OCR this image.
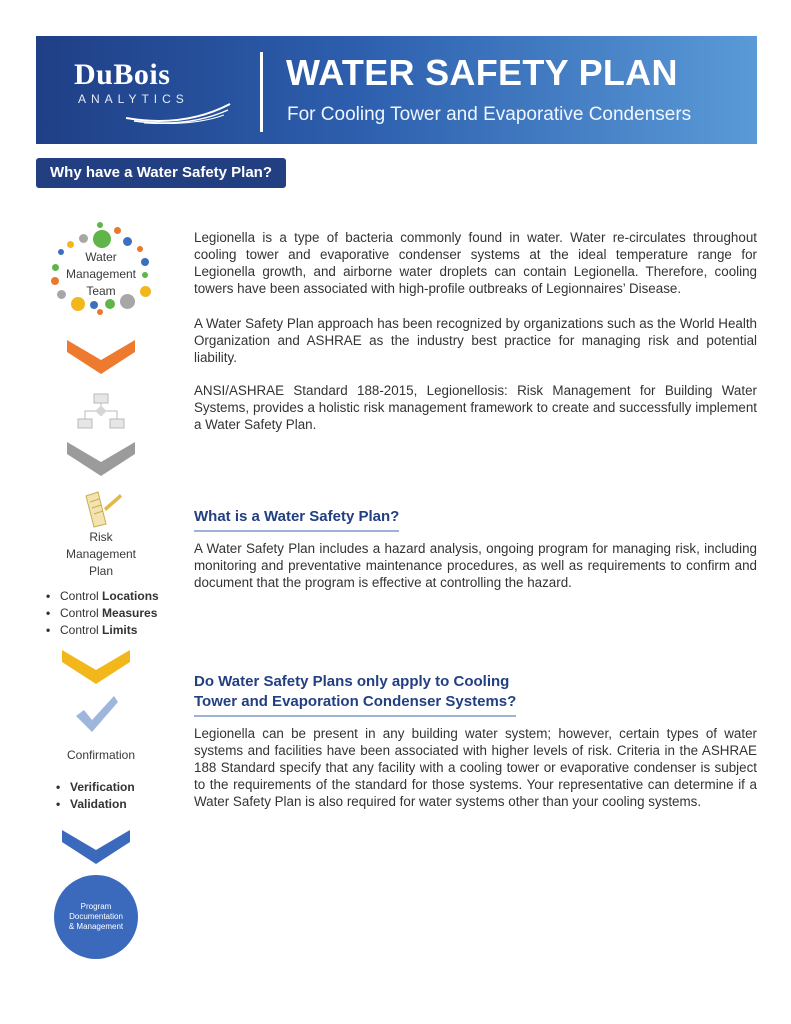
DuBois
ANALYTICS
WATER SAFETY PLAN
For Cooling Tower and Evaporative Condensers
Why have a Water Safety Plan?
Water
Management
Team
Risk
Management
Plan
• Control Locations
• Control Measures
• Control Limits
Confirmation
• Verification
• Validation
Program
Documentation
& Management

Legionella is a type of bacteria commonly found in water. Water re-circulates throughout cooling tower and evaporative condenser systems at the ideal temperature range for Legionella growth, and airborne water droplets can contain Legionella. Therefore, cooling towers have been associated with high-profile outbreaks of Legionnaires’ Disease.

A Water Safety Plan approach has been recognized by organizations such as the World Health Organization and ASHRAE as the industry best practice for managing risk and potential liability.

ANSI/ASHRAE Standard 188-2015, Legionellosis: Risk Management for Building Water Systems, provides a holistic risk management framework to create and successfully implement a Water Safety Plan.

What is a Water Safety Plan?

A Water Safety Plan includes a hazard analysis, ongoing program for managing risk, including monitoring and preventative maintenance procedures, as well as requirements to confirm and document that the program is effective at controlling the hazard.

Do Water Safety Plans only apply to Cooling
Tower and Evaporation Condenser Systems?

Legionella can be present in any building water system; however, certain types of water systems and facilities have been associated with higher levels of risk. Criteria in the ASHRAE 188 Standard specify that any facility with a cooling tower or evaporative condenser is subject to the requirements of the standard for those systems. Your representative can determine if a Water Safety Plan is also required for water systems other than your cooling systems.
